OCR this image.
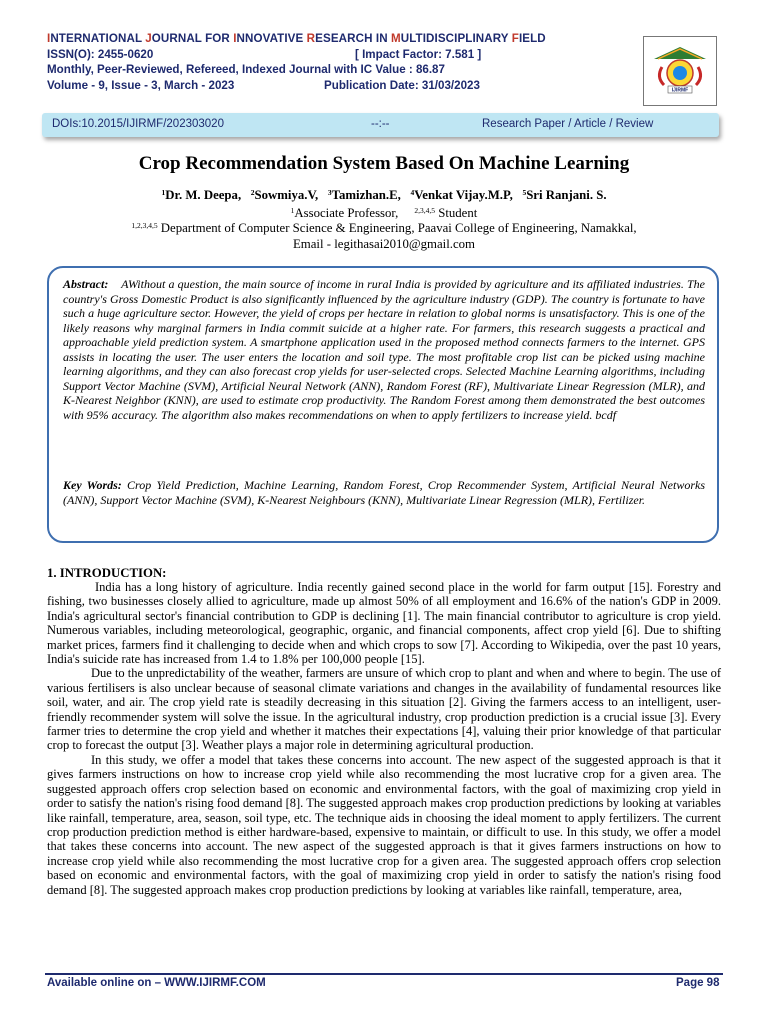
INTERNATIONAL JOURNAL FOR INNOVATIVE RESEARCH IN MULTIDISCIPLINARY FIELD
ISSN(O): 2455-0620	[ Impact Factor: 7.581 ]
Monthly, Peer-Reviewed, Refereed, Indexed Journal with IC Value : 86.87
Volume - 9, Issue - 3, March - 2023	Publication Date: 31/03/2023	IJIRMF
DOIs:10.2015/IJIRMF/202303020	--:--	Research Paper / Article / Review
Crop Recommendation System Based On Machine Learning
$^1$Dr. M. Deepa, $^2$Sowmiya.V, $^3$Tamizhan.E, $^4$Venkat Vijay.M.P, $^5$Sri Ranjani. S.
$^1$Associate Professor, $^{2,3,4,5}$ Student
$^{1,2,3,4,5}$ Department of Computer Science & Engineering, Paavai College of Engineering, Namakkal,
Email - legithasai2010@gmail.com
Abstract: AWithout a question, the main source of income in rural India is provided by agriculture and its affiliated industries. The country's Gross Domestic Product is also significantly influenced by the agriculture industry (GDP). The country is fortunate to have such a huge agriculture sector. However, the yield of crops per hectare in relation to global norms is unsatisfactory. This is one of the likely reasons why marginal farmers in India commit suicide at a higher rate. For farmers, this research suggests a practical and approachable yield prediction system. A smartphone application used in the proposed method connects farmers to the internet. GPS assists in locating the user. The user enters the location and soil type. The most profitable crop list can be picked using machine learning algorithms, and they can also forecast crop yields for user-selected crops. Selected Machine Learning algorithms, including Support Vector Machine (SVM), Artificial Neural Network (ANN), Random Forest (RF), Multivariate Linear Regression (MLR), and K-Nearest Neighbor (KNN), are used to estimate crop productivity. The Random Forest among them demonstrated the best outcomes with 95% accuracy. The algorithm also makes recommendations on when to apply fertilizers to increase yield. bcdf
Key Words: Crop Yield Prediction, Machine Learning, Random Forest, Crop Recommender System, Artificial Neural Networks (ANN), Support Vector Machine (SVM), K-Nearest Neighbours (KNN), Multivariate Linear Regression (MLR), Fertilizer.
1. INTRODUCTION:

India has a long history of agriculture. India recently gained second place in the world for farm output [15]. Forestry and fishing, two businesses closely allied to agriculture, made up almost 50% of all employment and 16.6% of the nation's GDP in 2009. India's agricultural sector's financial contribution to GDP is declining [1]. The main financial contributor to agriculture is crop yield. Numerous variables, including meteorological, geographic, organic, and financial components, affect crop yield [6]. Due to shifting market prices, farmers find it challenging to decide when and which crops to sow [7]. According to Wikipedia, over the past 10 years, India's suicide rate has increased from 1.4 to 1.8% per 100,000 people [15].

Due to the unpredictability of the weather, farmers are unsure of which crop to plant and when and where to begin. The use of various fertilisers is also unclear because of seasonal climate variations and changes in the availability of fundamental resources like soil, water, and air. The crop yield rate is steadily decreasing in this situation [2]. Giving the farmers access to an intelligent, user-friendly recommender system will solve the issue. In the agricultural industry, crop production prediction is a crucial issue [3]. Every farmer tries to determine the crop yield and whether it matches their expectations [4], valuing their prior knowledge of that particular crop to forecast the output [3]. Weather plays a major role in determining agricultural production.

In this study, we offer a model that takes these concerns into account. The new aspect of the suggested approach is that it gives farmers instructions on how to increase crop yield while also recommending the most lucrative crop for a given area. The suggested approach offers crop selection based on economic and environmental factors, with the goal of maximizing crop yield in order to satisfy the nation's rising food demand [8]. The suggested approach makes crop production predictions by looking at variables like rainfall, temperature, area, season, soil type, etc. The technique aids in choosing the ideal moment to apply fertilizers. The current crop production prediction method is either hardware-based, expensive to maintain, or difficult to use. In this study, we offer a model that takes these concerns into account. The new aspect of the suggested approach is that it gives farmers instructions on how to increase crop yield while also recommending the most lucrative crop for a given area. The suggested approach offers crop selection based on economic and environmental factors, with the goal of maximizing crop yield in order to satisfy the nation's rising food demand [8]. The suggested approach makes crop production predictions by looking at variables like rainfall, temperature, area,

Available online on – WWW.IJIRMF.COM	Page 98
